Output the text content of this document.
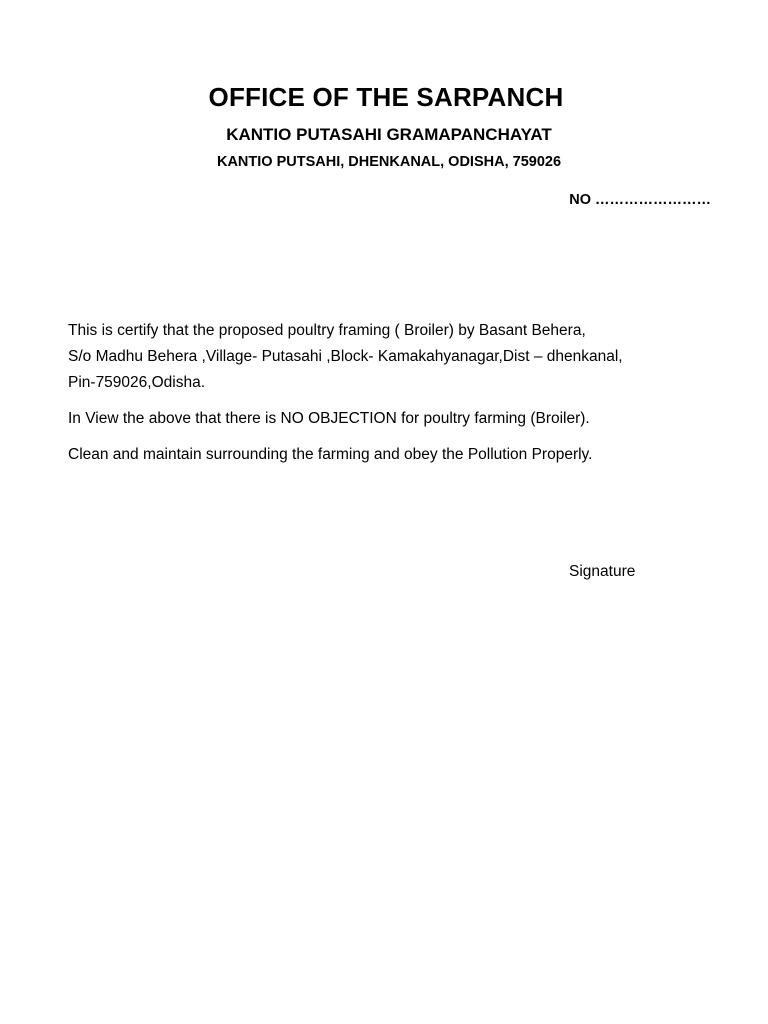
OFFICE OF THE SARPANCH
KANTIO PUTASAHI GRAMAPANCHAYAT
KANTIO PUTSAHI, DHENKANAL, ODISHA, 759026
NO ……………………

This is certify that the proposed poultry framing ( Broiler) by Basant Behera,
S/o Madhu Behera ,Village- Putasahi ,Block- Kamakahyanagar,Dist – dhenkanal,
Pin-759026,Odisha.

In View the above that there is NO OBJECTION for poultry farming (Broiler).

Clean and maintain surrounding the farming and obey the Pollution Properly.

Signature
